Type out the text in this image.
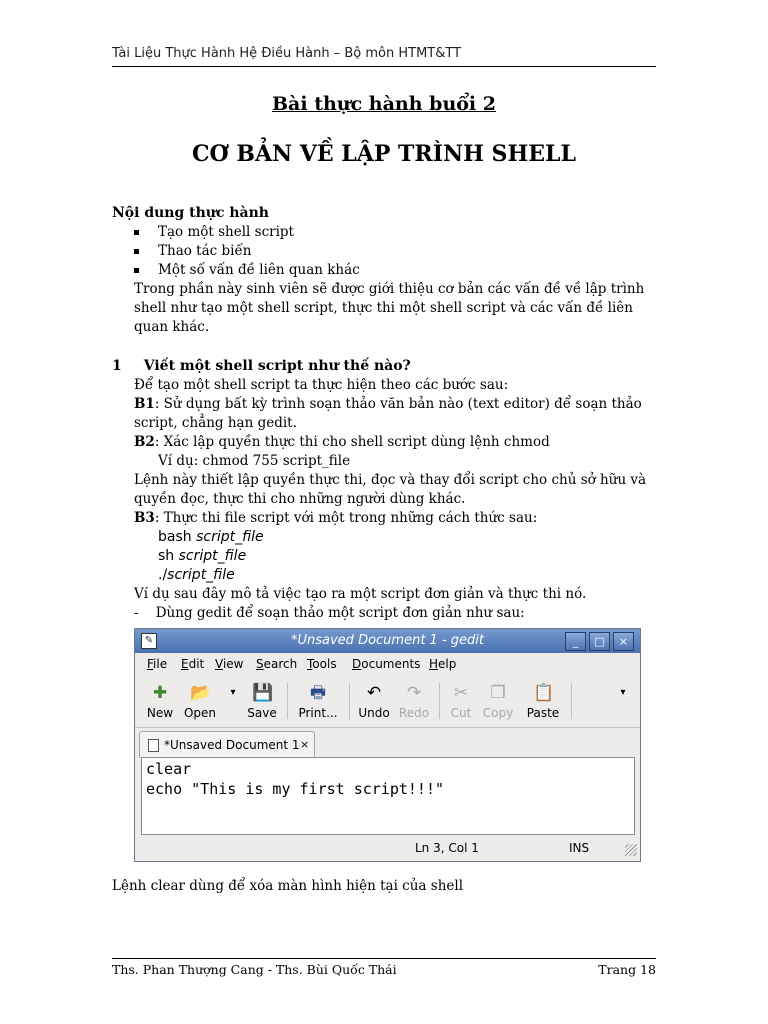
Tài Liệu Thực Hành Hệ Điều Hành – Bộ môn HTMT&TT
Bài thực hành buổi 2
CƠ BẢN VỀ LẬP TRÌNH SHELL

Nội dung thực hành

Tạo một shell script
Thao tác biến
Một số vấn đề liên quan khác

Trong phần này sinh viên sẽ được giới thiệu cơ bản các vấn đề về lập trình shell như tạo một shell script, thực thi một shell script và các vấn đề liên quan khác.

1 Viết một shell script như thế nào?

Để tạo một shell script ta thực hiện theo các bước sau:

B1: Sử dụng bất kỳ trình soạn thảo văn bản nào (text editor) để soạn thảo script, chẳng hạn gedit.

B2: Xác lập quyền thực thi cho shell script dùng lệnh chmod

Ví dụ: chmod 755 script_file

Lệnh này thiết lập quyền thực thi, đọc và thay đổi script cho chủ sở hữu và quyền đọc, thực thi cho những người dùng khác.

B3: Thực thi file script với một trong những cách thức sau:

bash script_file

sh script_file

./script_file

Ví dụ sau đây mô tả việc tạo ra một script đơn giản và thực thi nó.

-    Dùng gedit để soạn thảo một script đơn giản như sau:

✎	*Unsaved Document 1 - gedit	_	□	×
File Edit View Search Tools Documents Help
✚
New
📂
Open
▾ 💾
Save
🖶
Print...
↶
Undo
↷
Redo
✂
Cut
❐
Copy
📋
Paste
▾
*Unsaved Document 1 ×
clear
echo "This is my first script!!!"
Ln 3, Col 1	INS
Lệnh clear dùng để xóa màn hình hiện tại của shell
Ths. Phan Thượng Cang - Ths. Bùi Quốc Thái	Trang 18
